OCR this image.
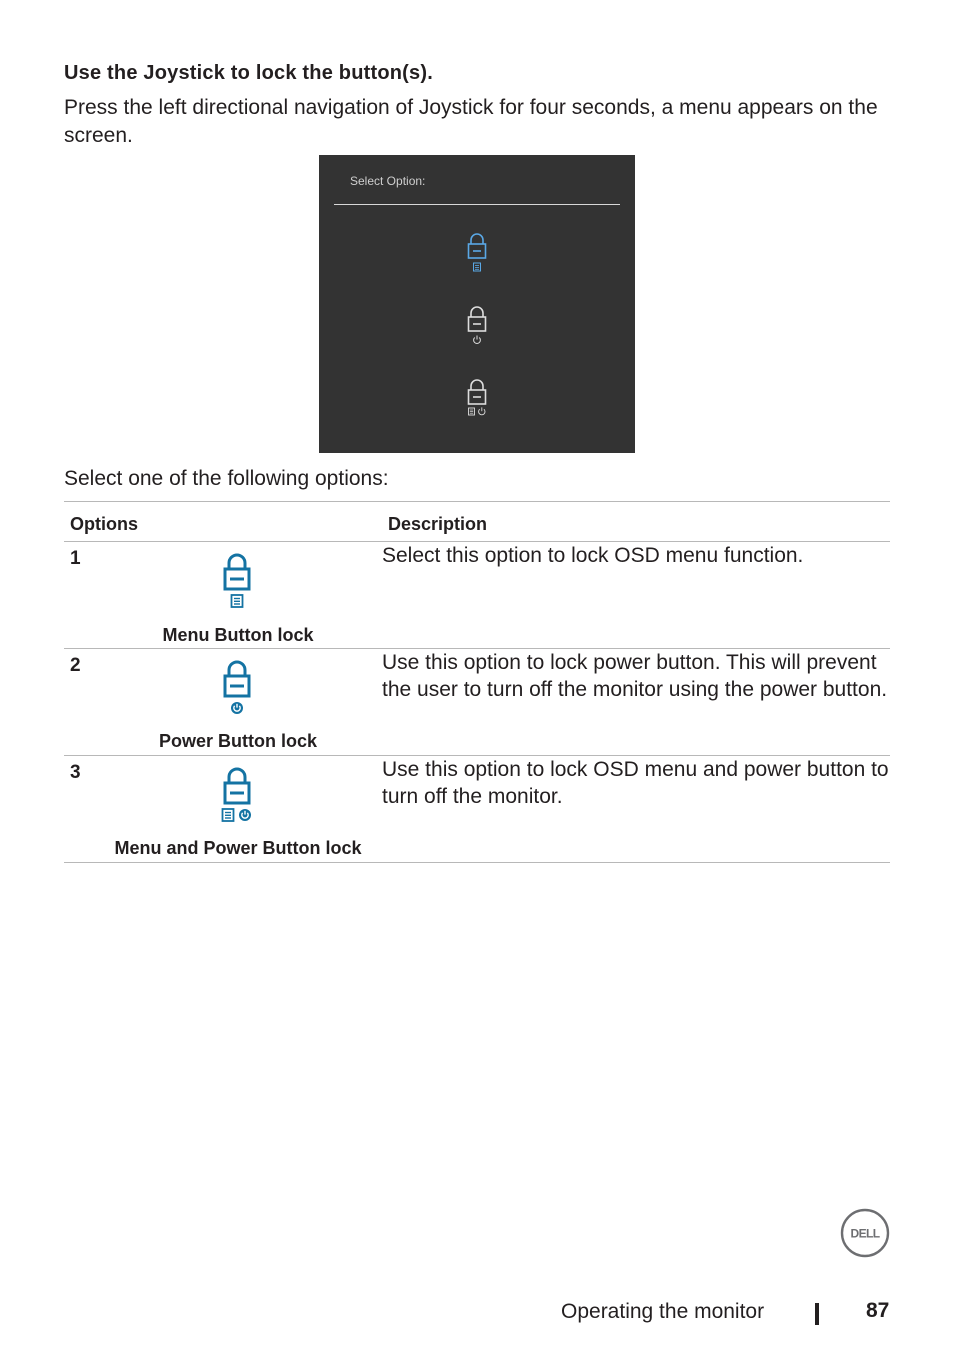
Use the Joystick to lock the button(s).
Press the left directional navigation of Joystick for four seconds, a menu appears on the screen.
Select Option:
Select one of the following options:
Options	Description

1
Menu Button lock	Select this option to lock OSD menu function.

2
Power Button lock	Use this option to lock power button. This will prevent the user to turn off the monitor using the power button.

3
Menu and Power Button lock	Use this option to lock OSD menu and power button to turn off the monitor.
DELL
Operating the monitor	87
